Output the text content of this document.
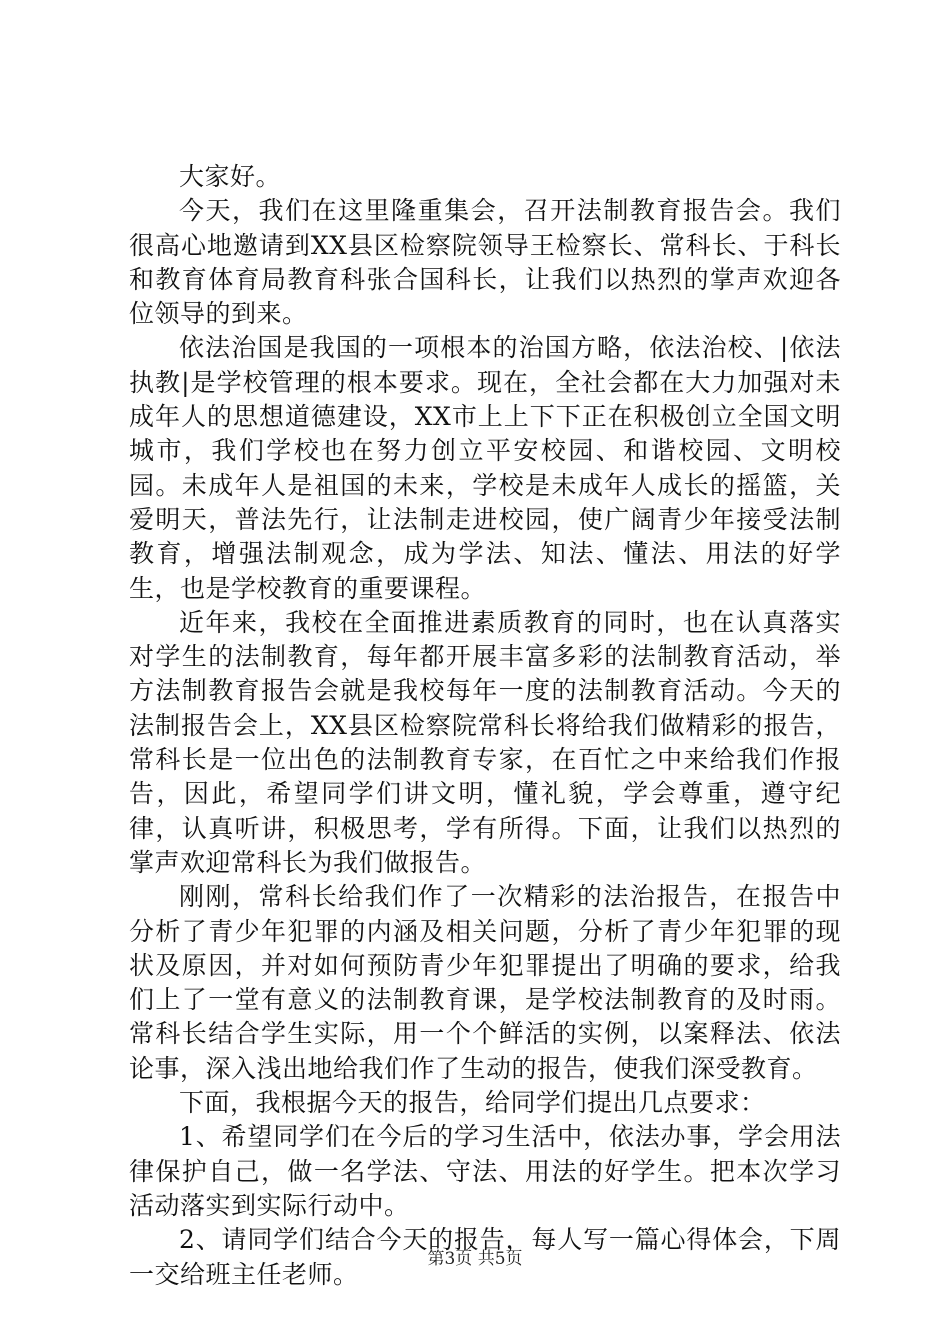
大家好。

今天，我们在这里隆重集会，召开法制教育报告会。我们很高心地邀请到XX县区检察院领导王检察长、常科长、于科长和教育体育局教育科张合国科长，让我们以热烈的掌声欢迎各位领导的到来。

依法治国是我国的一项根本的治国方略，依法治校、|依法执教|是学校管理的根本要求。现在，全社会都在大力加强对未成年人的思想道德建设，XX市上上下下正在积极创立全国文明城市，我们学校也在努力创立平安校园、和谐校园、文明校园。未成年人是祖国的未来，学校是未成年人成长的摇篮，关爱明天，普法先行，让法制走进校园，使广阔青少年接受法制教育，增强法制观念，成为学法、知法、懂法、用法的好学生，也是学校教育的重要课程。

近年来，我校在全面推进素质教育的同时，也在认真落实对学生的法制教育，每年都开展丰富多彩的法制教育活动，举方法制教育报告会就是我校每年一度的法制教育活动。今天的法制报告会上，XX县区检察院常科长将给我们做精彩的报告，常科长是一位出色的法制教育专家，在百忙之中来给我们作报告，因此，希望同学们讲文明，懂礼貌，学会尊重，遵守纪律，认真听讲，积极思考，学有所得。下面，让我们以热烈的掌声欢迎常科长为我们做报告。

刚刚，常科长给我们作了一次精彩的法治报告，在报告中分析了青少年犯罪的内涵及相关问题，分析了青少年犯罪的现状及原因，并对如何预防青少年犯罪提出了明确的要求，给我们上了一堂有意义的法制教育课，是学校法制教育的及时雨。常科长结合学生实际，用一个个鲜活的实例，以案释法、依法论事，深入浅出地给我们作了生动的报告，使我们深受教育。

下面，我根据今天的报告，给同学们提出几点要求：

1、希望同学们在今后的学习生活中，依法办事，学会用法律保护自己，做一名学法、守法、用法的好学生。把本次学习活动落实到实际行动中。

2、请同学们结合今天的报告，每人写一篇心得体会，下周一交给班主任老师。

第3页 共5页
